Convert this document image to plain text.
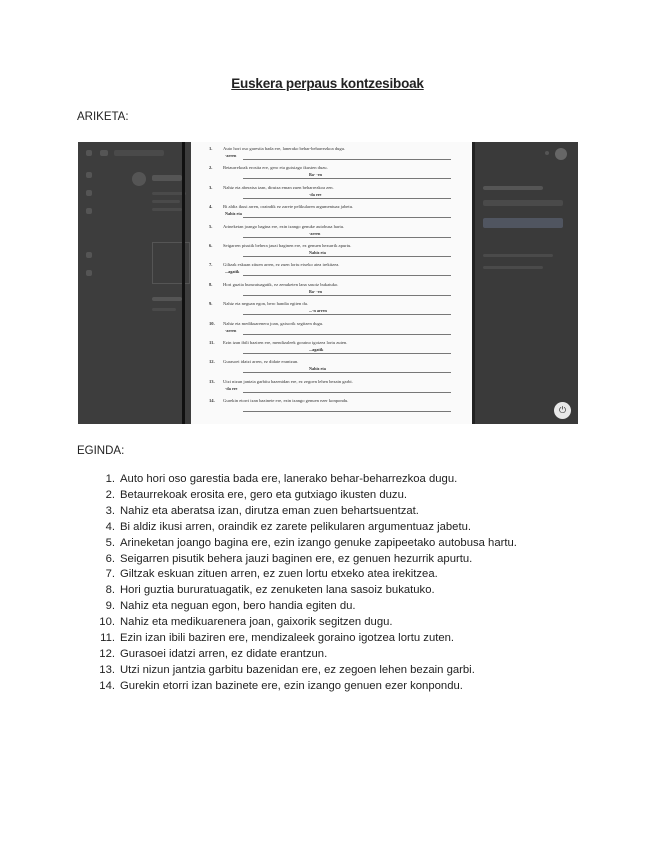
Euskera perpaus kontzesiboak
ARIKETA:
1. Auto hori oso garestia bada ere, lanerako behar-beharrezkoa dugu.
-arren
2. Betaurrekoak erosita ere, gero eta gutxiago ikusten duzu.
Ba- -en
3. Nahiz eta aberatsa izan, dirutza eman zuen beharrezkoa zen.
-da ere
4. Bi aldiz ikusi arren, oraindik ez zarete pelikularen argumentuaz jabetu.
Nahiz eta
5. Arineketan joango bagina ere, ezin izango genuke autobusa hartu.
-arren
6. Seigarren pisutik behera jauzi baginen ere, ez genuen hezurrik apurtu.
Nahiz eta
7. Giltzak eskuan zituen arren, ez zuen lortu etxeko atea irekitzea.
...agatik
8. Hori guztia bururatuagatik, ez zenuketen lana sasoiz bukatuko.
Ba- -en
9. Nahiz eta neguan egon, bero handia egiten du.
...-n arren
10. Nahiz eta medikuarenera joan, gaixorik segitzen dugu.
-arren
11. Ezin izan ibili baziren ere, mendizaleek goraino igotzea lortu zuten.
...agatik
12. Gurasoei idatzi arren, ez didate erantzun.
Nahiz eta
13. Utzi nizun jantzia garbitu bazenidan ere, ez zegoen lehen bezain garbi.
-da ere
14. Gurekin etorri izan bazinete ere, ezin izango genuen ezer konpondu.
⏻
EGINDA:
1. Auto hori oso garestia bada ere, lanerako behar-beharrezkoa dugu.
2. Betaurrekoak erosita ere, gero eta gutxiago ikusten duzu.
3. Nahiz eta aberatsa izan, dirutza eman zuen behartsuentzat.
4. Bi aldiz ikusi arren, oraindik ez zarete pelikularen argumentuaz jabetu.
5. Arineketan joango bagina ere, ezin izango genuke zapipeetako autobusa hartu.
6. Seigarren pisutik behera jauzi baginen ere, ez genuen hezurrik apurtu.
7. Giltzak eskuan zituen arren, ez zuen lortu etxeko atea irekitzea.
8. Hori guztia bururatuagatik, ez zenuketen lana sasoiz bukatuko.
9. Nahiz eta neguan egon, bero handia egiten du.
10. Nahiz eta medikuarenera joan, gaixorik segitzen dugu.
11. Ezin izan ibili baziren ere, mendizaleek goraino igotzea lortu zuten.
12. Gurasoei idatzi arren, ez didate erantzun.
13. Utzi nizun jantzia garbitu bazenidan ere, ez zegoen lehen bezain garbi.
14. Gurekin etorri izan bazinete ere, ezin izango genuen ezer konpondu.
